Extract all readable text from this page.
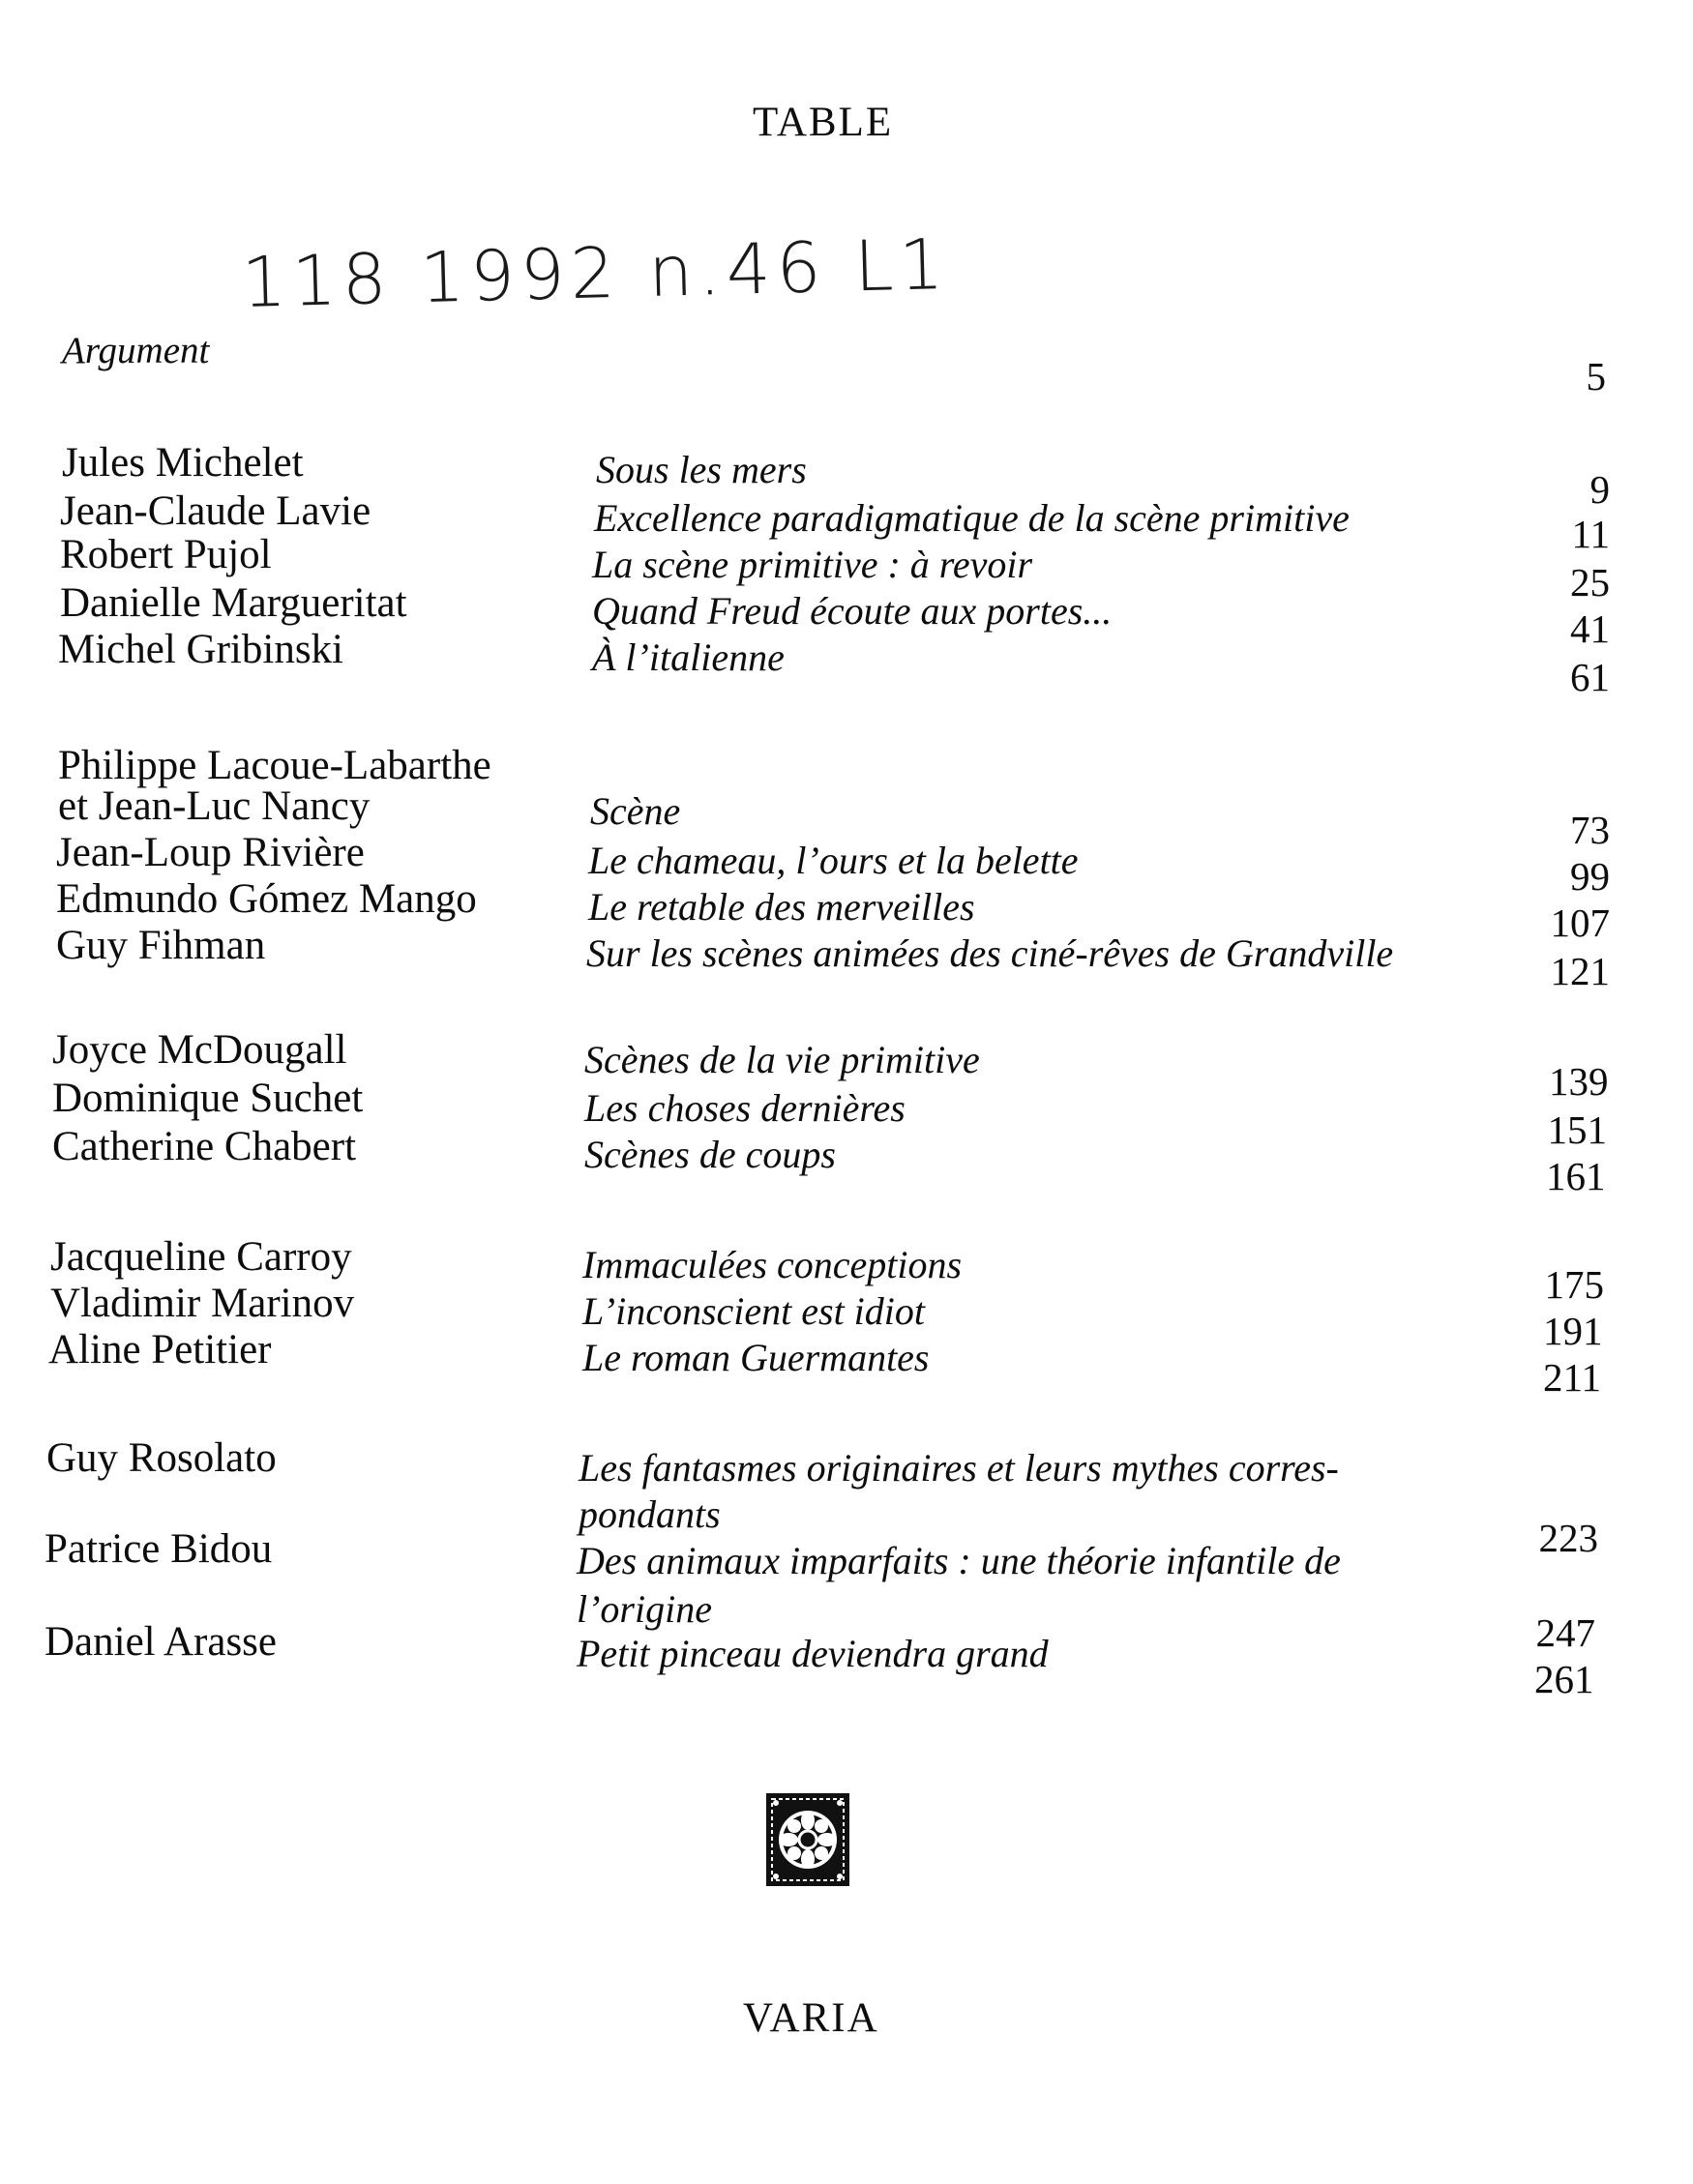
TABLE
118 1992 n.46 L1
Argument
5
Jules Michelet	Sous les mers	9
Jean-Claude Lavie	Excellence paradigmatique de la scène primitive	11
Robert Pujol	La scène primitive : à revoir	25
Danielle Margueritat	Quand Freud écoute aux portes...	41
Michel Gribinski	À l’italienne	61
Philippe Lacoue-Labarthe
et Jean-Luc Nancy	Scène	73
Jean-Loup Rivière	Le chameau, l’ours et la belette	99
Edmundo Gómez Mango	Le retable des merveilles	107
Guy Fihman	Sur les scènes animées des ciné-rêves de Grandville	121
Joyce McDougall	Scènes de la vie primitive	139
Dominique Suchet	Les choses dernières	151
Catherine Chabert	Scènes de coups	161
Jacqueline Carroy	Immaculées conceptions	175
Vladimir Marinov	L’inconscient est idiot	191
Aline Petitier	Le roman Guermantes	211
Guy Rosolato	Les fantasmes originaires et leurs mythes corres-
pondants
223
Patrice Bidou	Des animaux imparfaits : une théorie infantile de
l’origine
247
Daniel Arasse	Petit pinceau deviendra grand
261
VARIA
